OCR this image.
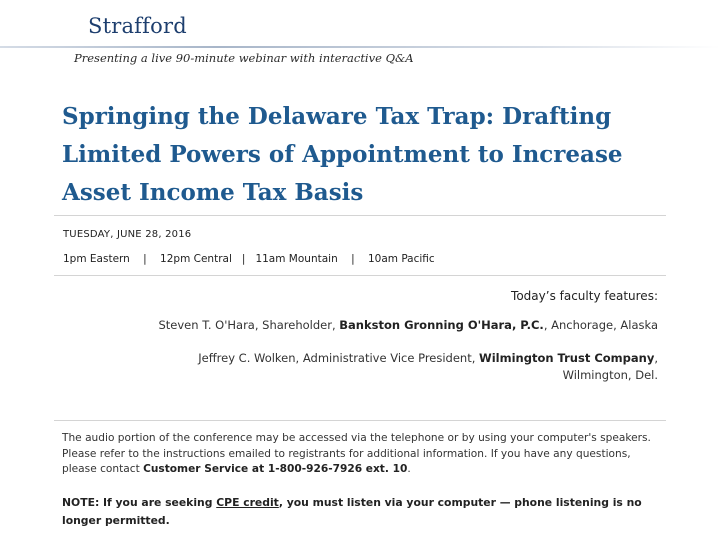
Strafford
Presenting a live 90-minute webinar with interactive Q&A
Springing the Delaware Tax Trap: Drafting Limited Powers of Appointment to Increase Asset Income Tax Basis
TUESDAY, JUNE 28, 2016
1pm Eastern    |    12pm Central   |   11am Mountain    |    10am Pacific
Today’s faculty features:
Steven T. O'Hara, Shareholder, Bankston Gronning O'Hara, P.C., Anchorage, Alaska
Jeffrey C. Wolken, Administrative Vice President, Wilmington Trust Company,
Wilmington, Del.
The audio portion of the conference may be accessed via the telephone or by using your computer's speakers. Please refer to the instructions emailed to registrants for additional information. If you have any questions, please contact Customer Service at 1-800-926-7926 ext. 10.
NOTE: If you are seeking CPE credit, you must listen via your computer — phone listening is no longer permitted.
